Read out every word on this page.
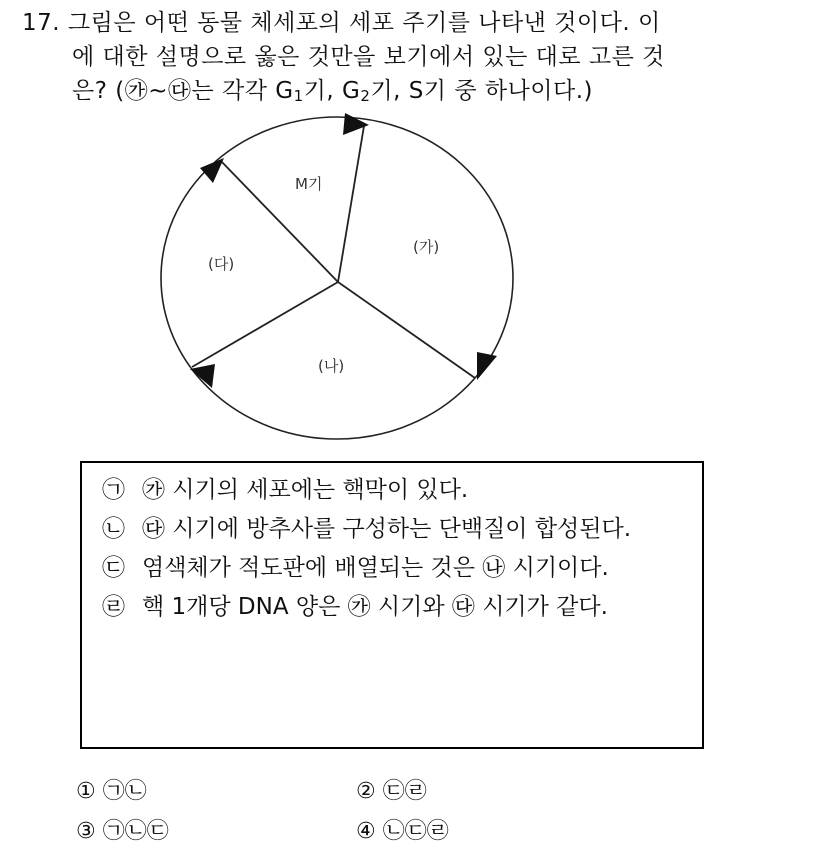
17. 그림은 어떤 동물 체세포의 세포 주기를 나타낸 것이다. 이
에 대한 설명으로 옳은 것만을 보기에서 있는 대로 고른 것
은? (㉮~㉰는 각각 $G_1$기, $G_2$기, S기 중 하나이다.)
M기
(가)
(나)
(다)
㉠ ㉮ 시기의 세포에는 핵막이 있다.
㉡ ㉰ 시기에 방추사를 구성하는 단백질이 합성된다.
㉢ 염색체가 적도판에 배열되는 것은 ㉯ 시기이다.
㉣ 핵 1개당 DNA 양은 ㉮ 시기와 ㉰ 시기가 같다.
① ㉠㉡	② ㉢㉣
③ ㉠㉡㉢	④ ㉡㉢㉣
